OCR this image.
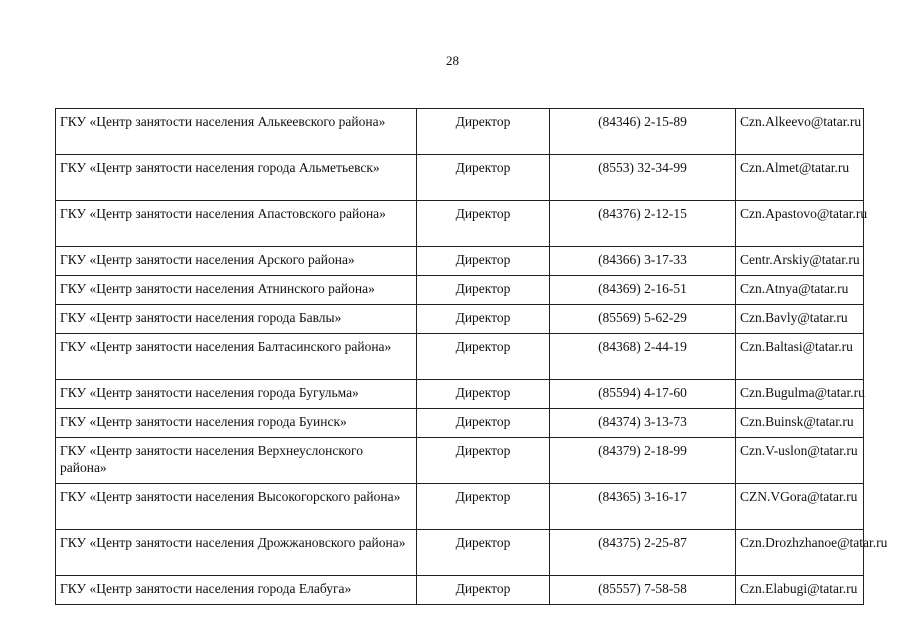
28
ГКУ «Центр занятости населения Алькеевского района»	Директор	(84346) 2-15-89	Czn.Alkeevo@tatar.ru
ГКУ «Центр занятости населения города Альметьевск»	Директор	(8553) 32-34-99	Czn.Almet@tatar.ru
ГКУ «Центр занятости населения Апастовского района»	Директор	(84376) 2-12-15	Czn.Apastovo@tatar.ru
ГКУ «Центр занятости населения Арского района»	Директор	(84366) 3-17-33	Centr.Arskiy@tatar.ru
ГКУ «Центр занятости населения Атнинского района»	Директор	(84369) 2-16-51	Czn.Atnya@tatar.ru
ГКУ «Центр занятости населения города Бавлы»	Директор	(85569) 5-62-29	Czn.Bavly@tatar.ru
ГКУ «Центр занятости населения Балтасинского района»	Директор	(84368) 2-44-19	Czn.Baltasi@tatar.ru
ГКУ «Центр занятости населения города Бугульма»	Директор	(85594) 4-17-60	Czn.Bugulma@tatar.ru
ГКУ «Центр занятости населения города Буинск»	Директор	(84374) 3-13-73	Czn.Buinsk@tatar.ru
ГКУ «Центр занятости населения Верхнеуслонского района»	Директор	(84379) 2-18-99	Czn.V-uslon@tatar.ru
ГКУ «Центр занятости населения Высокогорского района»	Директор	(84365) 3-16-17	CZN.VGora@tatar.ru
ГКУ «Центр занятости населения Дрожжановского района»	Директор	(84375) 2-25-87	Czn.Drozhzhanoe@tatar.ru
ГКУ «Центр занятости населения города Елабуга»	Директор	(85557) 7-58-58	Czn.Elabugi@tatar.ru
